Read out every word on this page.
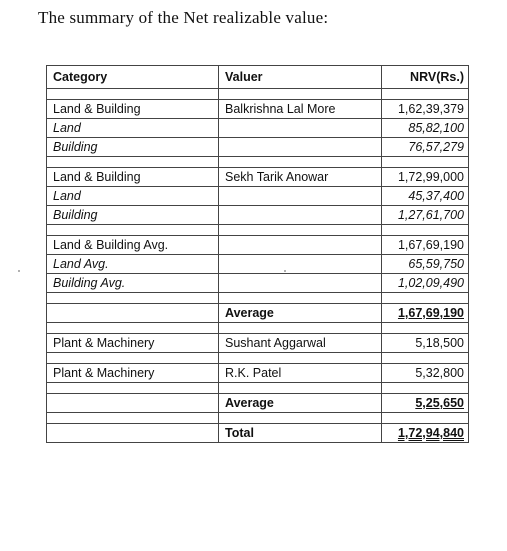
The summary of the Net realizable value:
Category	Valuer	NRV(Rs.)

Land & Building	Balkrishna Lal More	1,62,39,379
Land		85,82,100
Building		76,57,279

Land & Building	Sekh Tarik Anowar	1,72,99,000
Land		45,37,400
Building		1,27,61,700

Land & Building Avg.		1,67,69,190
Land Avg.		65,59,750
Building Avg.		1,02,09,490

	Average	1,67,69,190

Plant & Machinery	Sushant Aggarwal	5,18,500

Plant & Machinery	R.K. Patel	5,32,800

	Average	5,25,650

	Total	1,72,94,840
